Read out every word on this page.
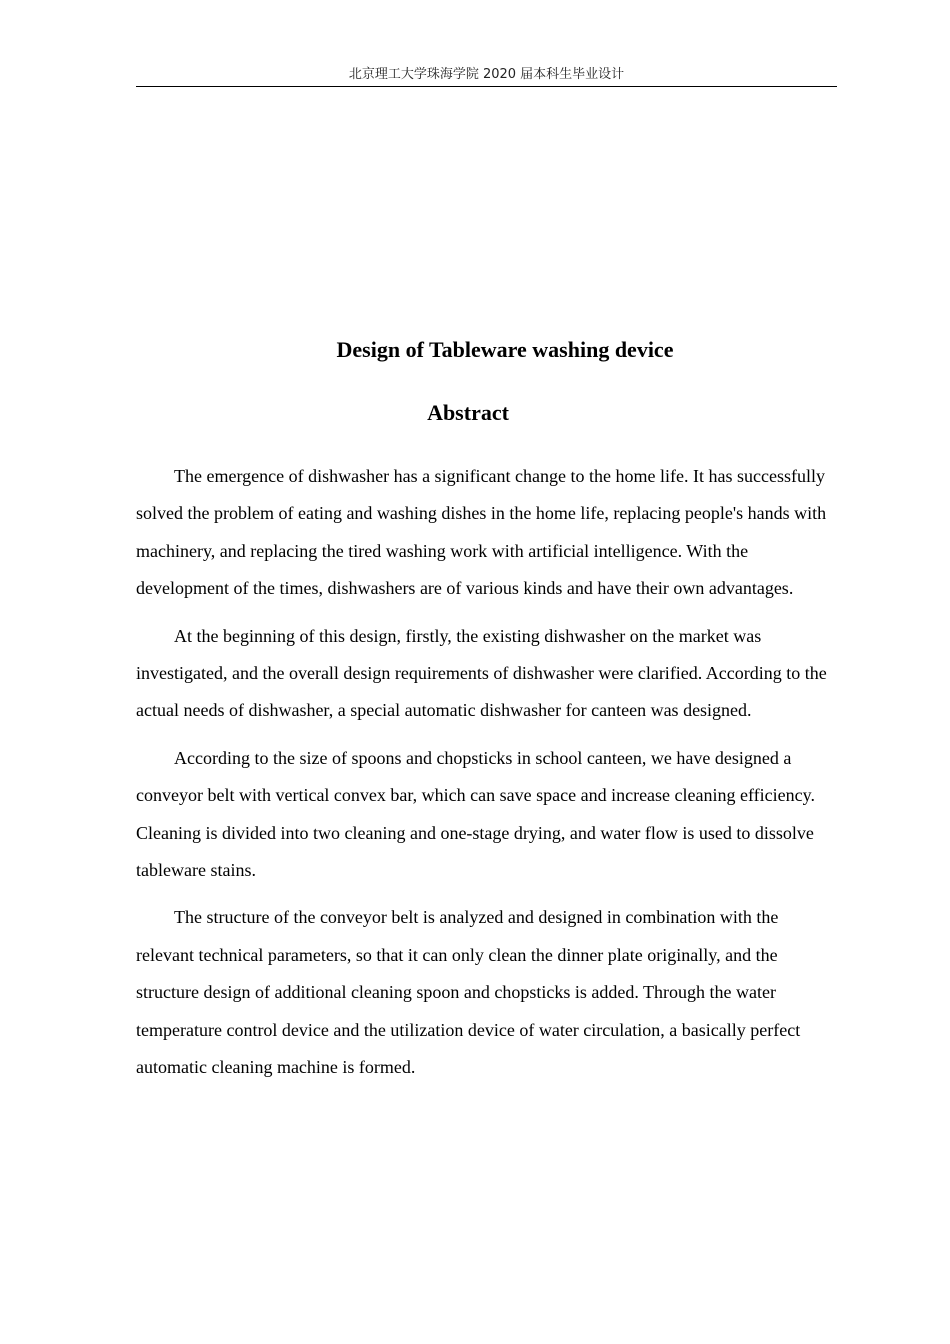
北京理工大学珠海学院 2020 届本科生毕业设计
Design of Tableware washing device
Abstract

The emergence of dishwasher has a significant change to the home life. It has successfully solved the problem of eating and washing dishes in the home life, replacing people's hands with machinery, and replacing the tired washing work with artificial intelligence. With the development of the times, dishwashers are of various kinds and have their own advantages.

At the beginning of this design, firstly, the existing dishwasher on the market was investigated, and the overall design requirements of dishwasher were clarified. According to the actual needs of dishwasher, a special automatic dishwasher for canteen was designed.

According to the size of spoons and chopsticks in school canteen, we have designed a conveyor belt with vertical convex bar, which can save space and increase cleaning efficiency. Cleaning is divided into two cleaning and one-stage drying, and water flow is used to dissolve tableware stains.

The structure of the conveyor belt is analyzed and designed in combination with the relevant technical parameters, so that it can only clean the dinner plate originally, and the structure design of additional cleaning spoon and chopsticks is added. Through the water temperature control device and the utilization device of water circulation, a basically perfect automatic cleaning machine is formed.
